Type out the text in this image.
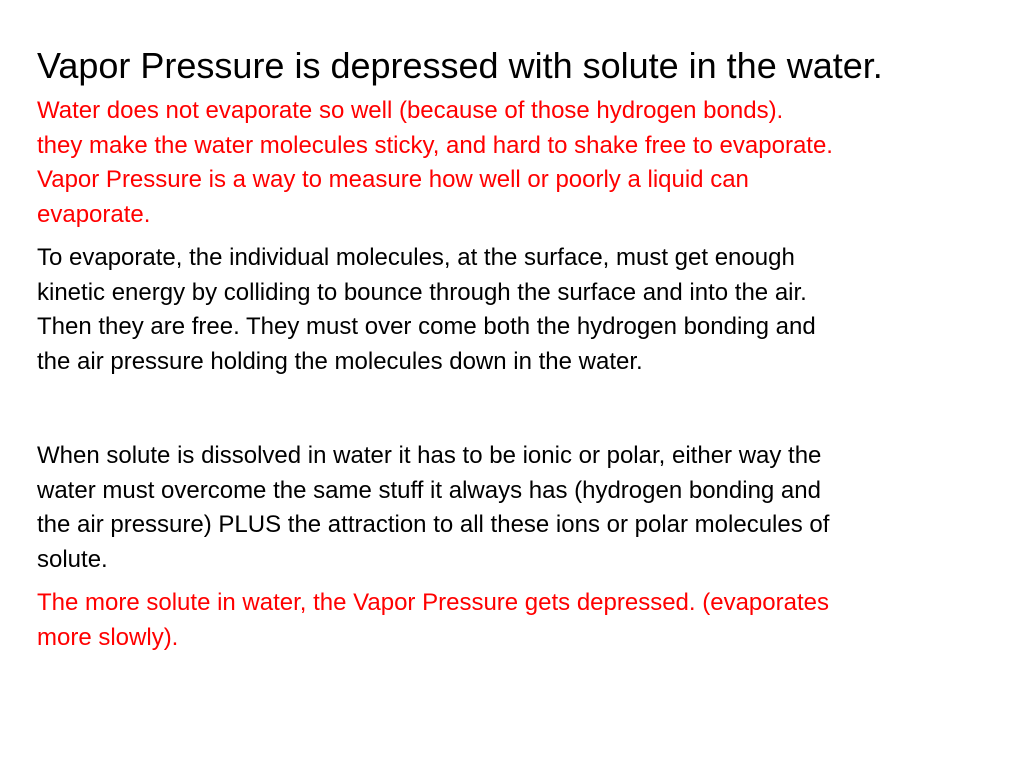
Vapor Pressure is depressed with solute in the water.

Water does not evaporate so well (because of those hydrogen bonds).
they make the water molecules sticky, and hard to shake free to evaporate.
Vapor Pressure is a way to measure how well or poorly a liquid can
evaporate.

To evaporate, the individual molecules, at the surface, must get enough
kinetic energy by colliding to bounce through the surface and into the air.
Then they are free. They must over come both the hydrogen bonding and
the air pressure holding the molecules down in the water.

When solute is dissolved in water it has to be ionic or polar, either way the
water must overcome the same stuff it always has (hydrogen bonding and
the air pressure) PLUS the attraction to all these ions or polar molecules of
solute.

The more solute in water, the Vapor Pressure gets depressed. (evaporates
more slowly).
